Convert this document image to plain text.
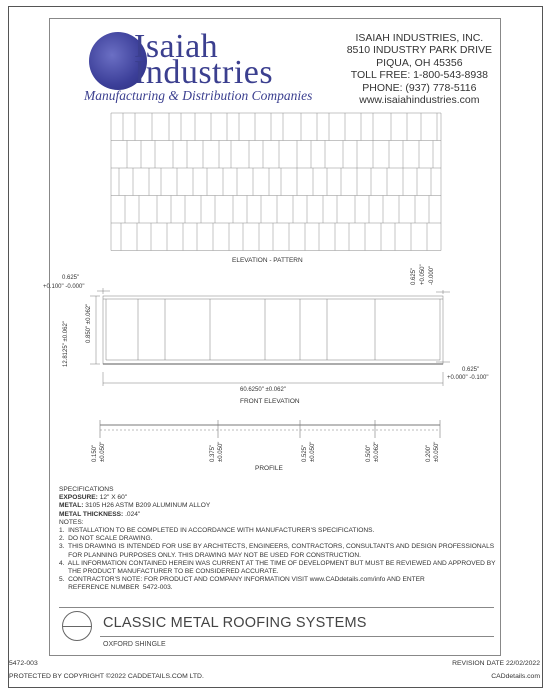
Isaiah
Industries
Manufacturing & Distribution Companies
ISAIAH INDUSTRIES, INC.
8510 INDUSTRY PARK DRIVE
PIQUA, OH 45356
TOLL FREE: 1-800-543-8938
PHONE: (937) 778-5116
www.isaiahindustries.com
ELEVATION - PATTERN
FRONT ELEVATION
PROFILE
0.625"
+0.100" -0.000"
12.8125" ±0.062"	0.850" ±0.062"
0.625" +0.050" -0.000"
60.6250" ±0.062"
0.625"
+0.000" -0.100"
0.150" ±0.050"	0.375" ±0.050"	0.525" ±0.050"	0.500" ±0.062"	0.200" ±0.050"
SPECIFICATIONS
EXPOSURE: 12" X 60"
METAL: 3105 H26 ASTM B209 ALUMINUM ALLOY
METAL THICKNESS: .024"
NOTES:
1.  INSTALLATION TO BE COMPLETED IN ACCORDANCE WITH MANUFACTURER'S SPECIFICATIONS.
2.  DO NOT SCALE DRAWING.
3.  THIS DRAWING IS INTENDED FOR USE BY ARCHITECTS, ENGINEERS, CONTRACTORS, CONSULTANTS AND DESIGN PROFESSIONALS
FOR PLANNING PURPOSES ONLY. THIS DRAWING MAY NOT BE USED FOR CONSTRUCTION.
4.  ALL INFORMATION CONTAINED HEREIN WAS CURRENT AT THE TIME OF DEVELOPMENT BUT MUST BE REVIEWED AND APPROVED BY
THE PRODUCT MANUFACTURER TO BE CONSIDERED ACCURATE.
5.  CONTRACTOR'S NOTE: FOR PRODUCT AND COMPANY INFORMATION VISIT www.CADdetails.com/info AND ENTER
REFERENCE NUMBER  5472-003.
CLASSIC METAL ROOFING SYSTEMS
OXFORD SHINGLE
5472-003	REVISION DATE 22/02/2022
PROTECTED BY COPYRIGHT ©2022 CADDETAILS.COM LTD.	CADdetails.com
